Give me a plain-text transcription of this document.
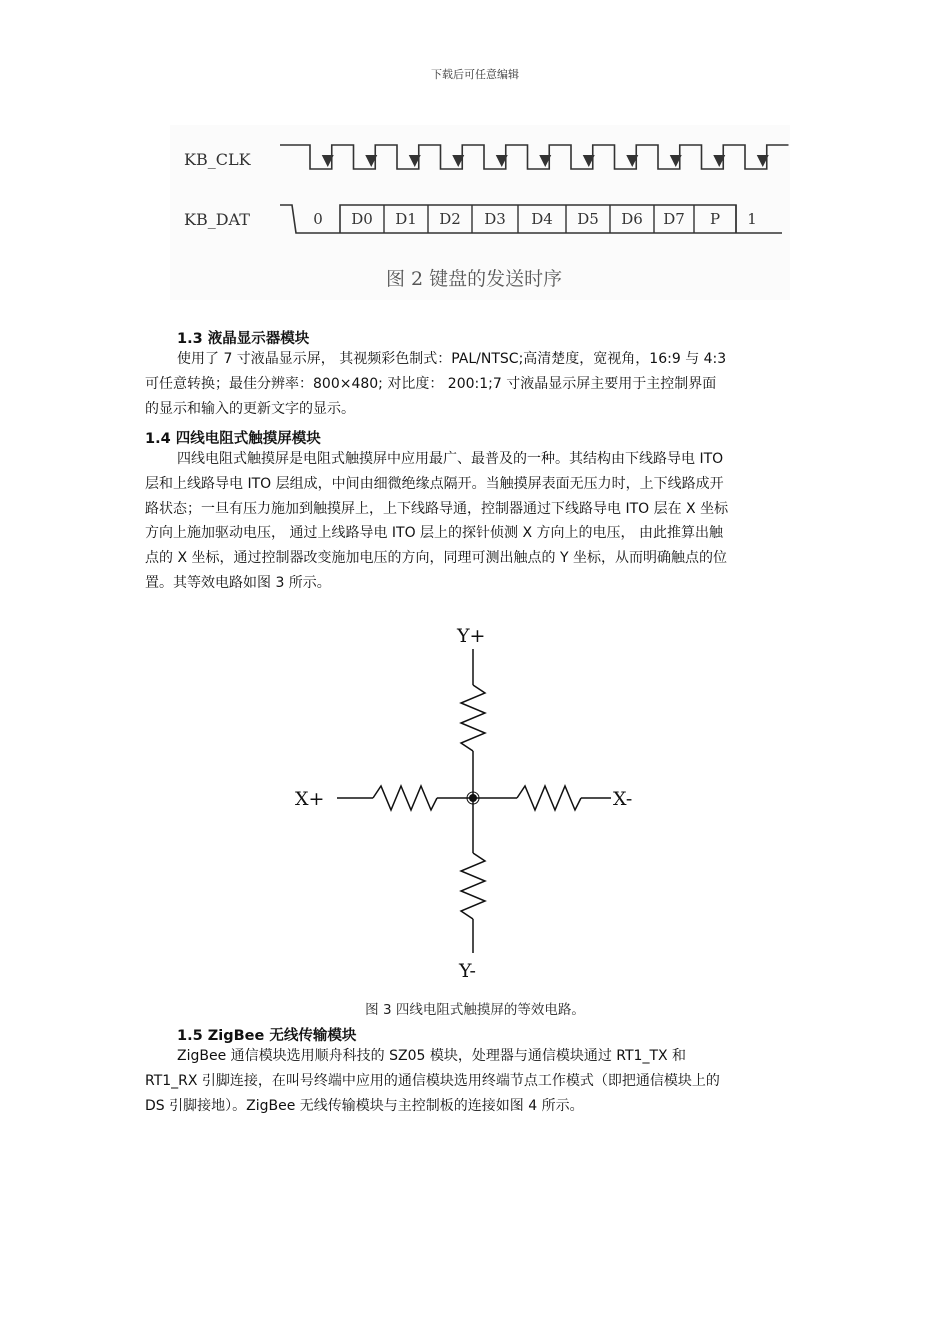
下载后可任意编辑
KB_CLK
KB_DAT	0 D0 D1 D2 D3 D4 D5 D6 D7 P 1
图 2 键盘的发送时序
1.3 液晶显示器模块
使用了 7 寸液晶显示屏， 其视频彩色制式：PAL/NTSC;高清楚度，宽视角，16:9 与 4:3
可任意转换；最佳分辨率：800×480; 对比度： 200:1;7 寸液晶显示屏主要用于主控制界面
的显示和输入的更新文字的显示。
1.4 四线电阻式触摸屏模块
四线电阻式触摸屏是电阻式触摸屏中应用最广、最普及的一种。其结构由下线路导电 ITO
层和上线路导电 ITO 层组成，中间由细微绝缘点隔开。当触摸屏表面无压力时，上下线路成开
路状态；一旦有压力施加到触摸屏上，上下线路导通，控制器通过下线路导电 ITO 层在 X 坐标
方向上施加驱动电压， 通过上线路导电 ITO 层上的探针侦测 X 方向上的电压， 由此推算出触
点的 X 坐标，通过控制器改变施加电压的方向，同理可测出触点的 Y 坐标，从而明确触点的位
置。其等效电路如图 3 所示。
Y+
Y-
X+	X-
图 3 四线电阻式触摸屏的等效电路。
1.5 ZigBee 无线传输模块
ZigBee 通信模块选用顺舟科技的 SZ05 模块，处理器与通信模块通过 RT1_TX 和
RT1_RX 引脚连接，在叫号终端中应用的通信模块选用终端节点工作模式（即把通信模块上的
DS 引脚接地）。ZigBee 无线传输模块与主控制板的连接如图 4 所示。
